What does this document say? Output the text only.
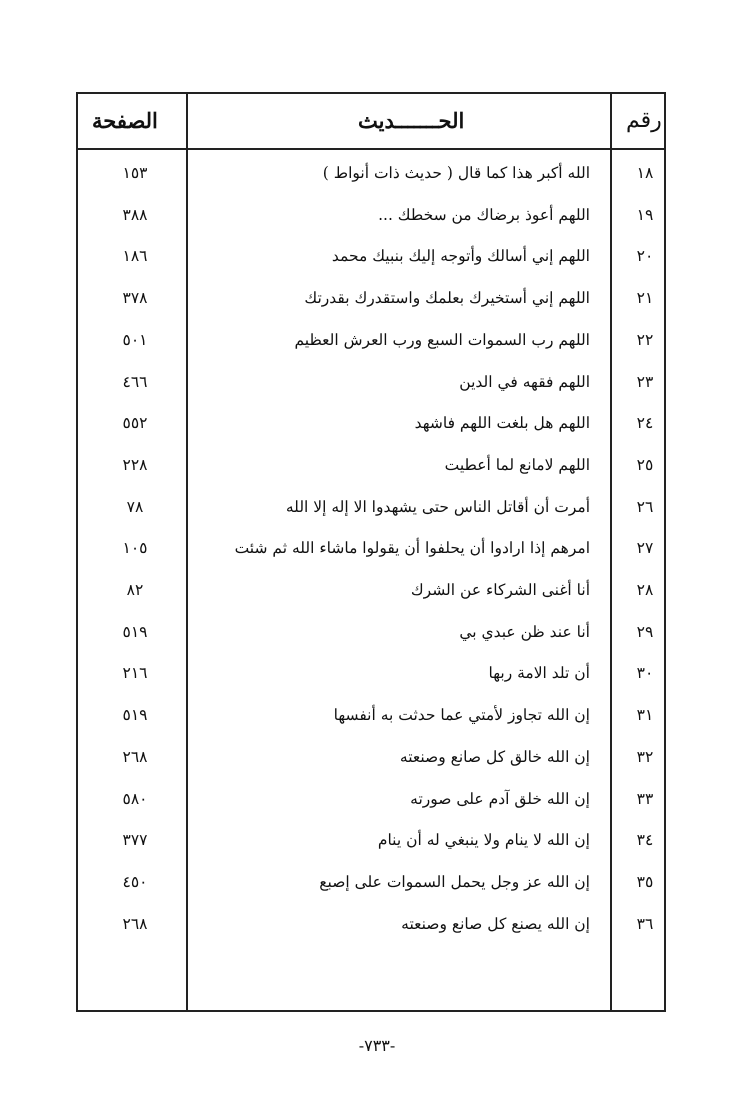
الصفحة	الحـــــــديث	رقم
١٥٣	الله أكبر هذا كما قال ( حديث ذات أنواط )	١٨
٣٨٨	اللهم أعوذ برضاك من سخطك ...	١٩
١٨٦	اللهم إني أسالك وأتوجه إليك بنبيك محمد	٢٠
٣٧٨	اللهم إني أستخيرك بعلمك واستقدرك بقدرتك	٢١
٥٠١	اللهم رب السموات السبع ورب العرش العظيم	٢٢
٤٦٦	اللهم فقهه في الدين	٢٣
٥٥٢	اللهم هل بلغت اللهم فاشهد	٢٤
٢٢٨	اللهم لامانع لما أعطيت	٢٥
٧٨	أمرت أن أقاتل الناس حتى يشهدوا الا إله إلا الله	٢٦
١٠٥	امرهم إذا ارادوا أن يحلفوا أن يقولوا ماشاء الله ثم شئت	٢٧
٨٢	أنا أغنى الشركاء عن الشرك	٢٨
٥١٩	أنا عند ظن عبدي بي	٢٩
٢١٦	أن تلد الامة ربها	٣٠
٥١٩	إن الله تجاوز لأمتي عما حدثت به أنفسها	٣١
٢٦٨	إن الله خالق كل صانع وصنعته	٣٢
٥٨٠	إن الله خلق آدم على صورته	٣٣
٣٧٧	إن الله لا ينام ولا ينبغي له أن ينام	٣٤
٤٥٠	إن الله عز وجل يحمل السموات على إصبع	٣٥
٢٦٨	إن الله يصنع كل صانع وصنعته	٣٦
-٧٣٣-
